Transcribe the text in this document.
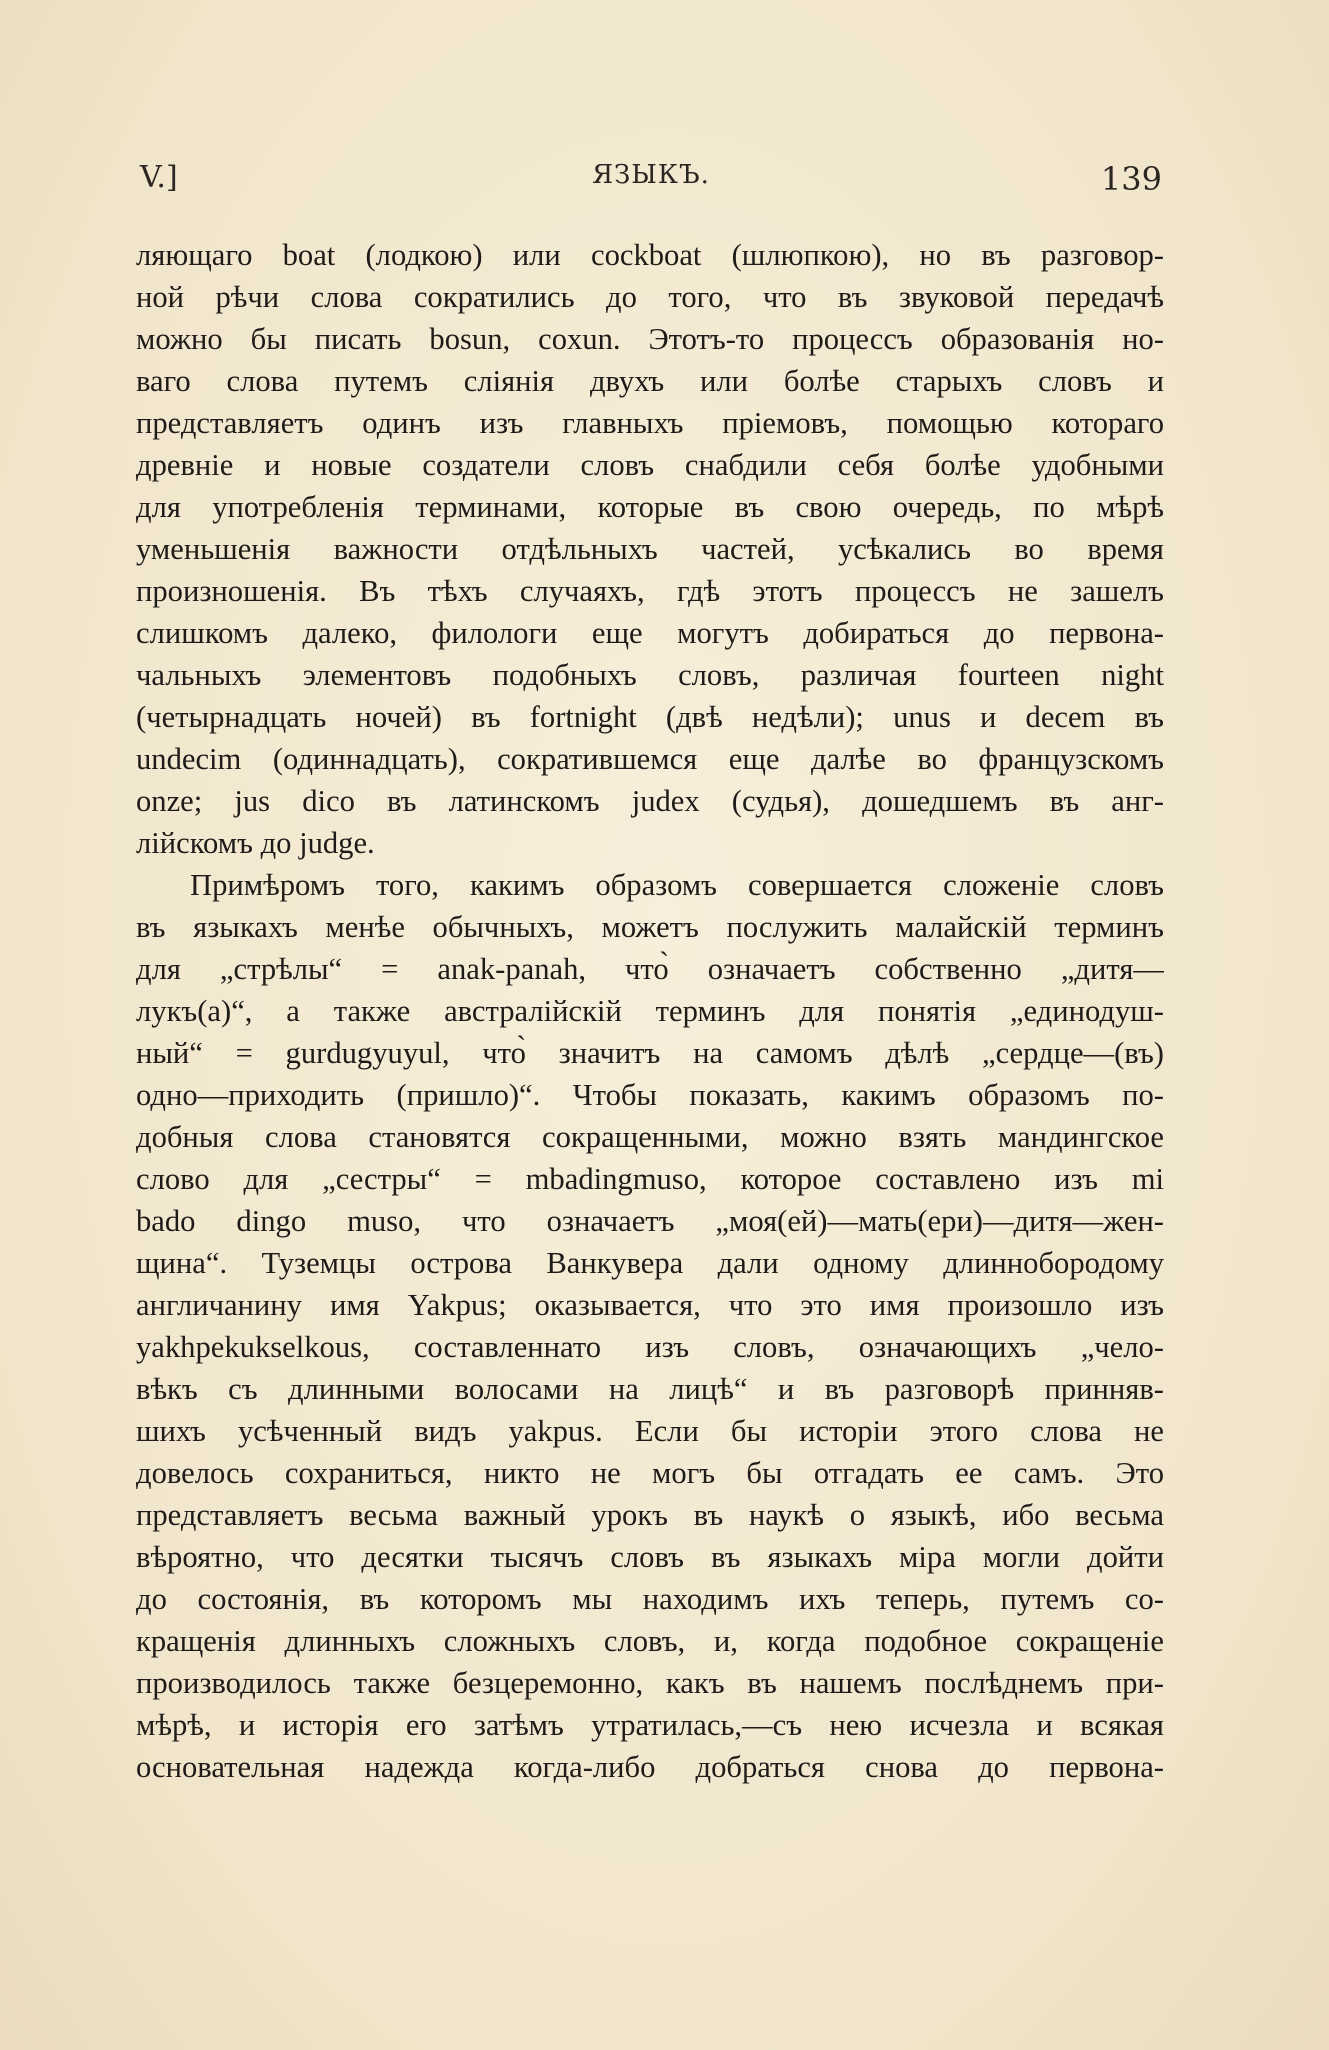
V.]	ЯЗЫКЪ.	139
ляющаго boat (лодкою) или cockboat (шлюпкою), но въ разговор-
ной рѣчи слова сократились до того, что въ звуковой передачѣ
можно бы писать bosun, coxun. Этотъ-то процессъ образованія но-
ваго слова путемъ сліянія двухъ или болѣе старыхъ словъ и
представляетъ одинъ изъ главныхъ пріемовъ, помощью котораго
древніе и новые создатели словъ снабдили себя болѣе удобными
для употребленія терминами, которые въ свою очередь, по мѣрѣ
уменьшенія важности отдѣльныхъ частей, усѣкались во время
произношенія. Въ тѣхъ случаяхъ, гдѣ этотъ процессъ не зашелъ
слишкомъ далеко, филологи еще могутъ добираться до первона-
чальныхъ элементовъ подобныхъ словъ, различая fourteen night
(четырнадцать ночей) въ fortnight (двѣ недѣли); unus и decem въ
undecim (одиннадцать), сократившемся еще далѣе во французскомъ
onze; jus dico въ латинскомъ judex (судья), дошедшемъ въ анг-
лійскомъ до judge.
Примѣромъ того, какимъ образомъ совершается сложеніе словъ
въ языкахъ менѣе обычныхъ, можетъ послужить малайскій терминъ
для „стрѣлы“ = anak-panah, что̀ означаетъ собственно „дитя—
лукъ(а)“, а также австралійскій терминъ для понятія „единодуш-
ный“ = gurdugyuyul, что̀ значитъ на самомъ дѣлѣ „сердце—(въ)
одно—приходить (пришло)“. Чтобы показать, какимъ образомъ по-
добныя слова становятся сокращенными, можно взять мандингское
слово для „сестры“ = mbadingmuso, которое составлено изъ mi
bado dingo muso, что означаетъ „моя(ей)—мать(ери)—дитя—жен-
щина“. Туземцы острова Ванкувера дали одному длиннобородому
англичанину имя Yakpus; оказывается, что это имя произошло изъ
yakhpekukselkous, составленнато изъ словъ, означающихъ „чело-
вѣкъ съ длинными волосами на лицѣ“ и въ разговорѣ принняв-
шихъ усѣченный видъ yakpus. Если бы исторіи этого слова не
довелось сохраниться, никто не могъ бы отгадать ее самъ. Это
представляетъ весьма важный урокъ въ наукѣ о языкѣ, ибо весьма
вѣроятно, что десятки тысячъ словъ въ языкахъ міра могли дойти
до состоянія, въ которомъ мы находимъ ихъ теперь, путемъ со-
кращенія длинныхъ сложныхъ словъ, и, когда подобное сокращеніе
производилось также безцеремонно, какъ въ нашемъ послѣднемъ при-
мѣрѣ, и исторія его затѣмъ утратилась,—съ нею исчезла и всякая
основательная надежда когда-либо добраться снова до первона-
